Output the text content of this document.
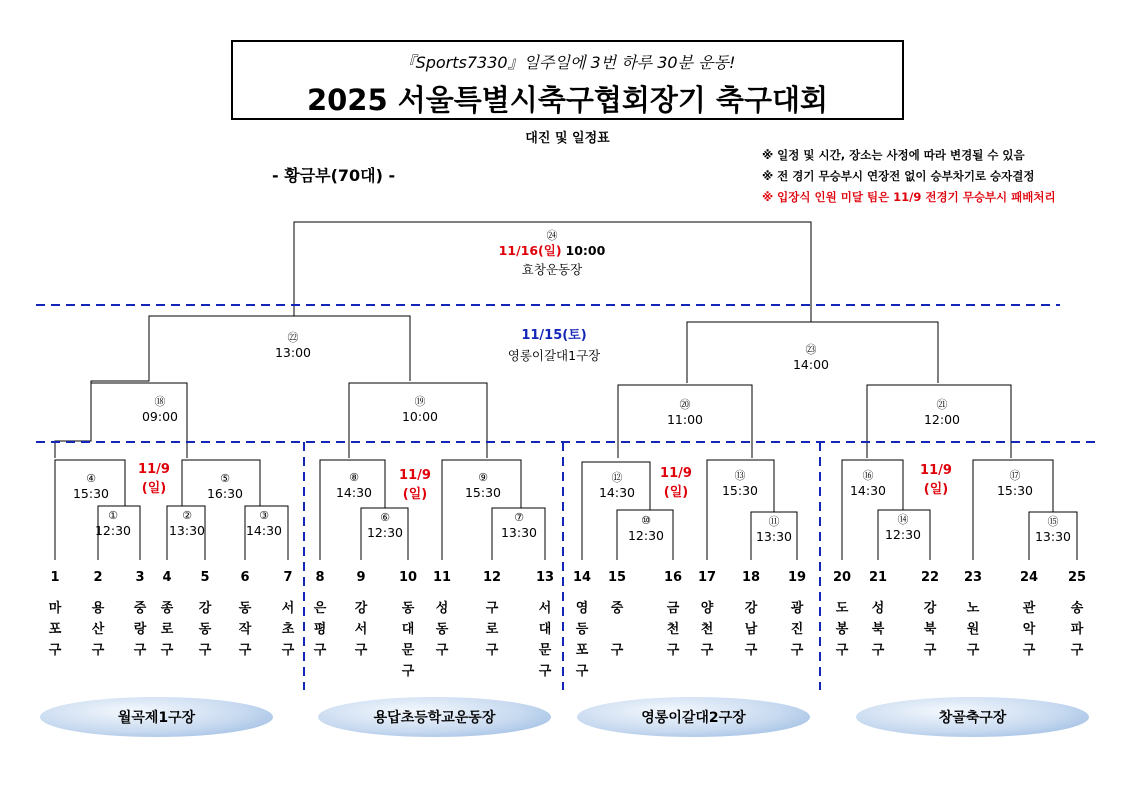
『Sports7330』일주일에 3번 하루 30분 운동!
2025 서울특별시축구협회장기 축구대회
대진 및 일정표
- 황금부(70대) -
※ 일정 및 시간, 장소는 사정에 따라 변경될 수 있음
※ 전 경기 무승부시 연장전 없이 승부차기로 승자결정
※ 입장식 인원 미달 팀은 11/9 전경기 무승부시 패배처리
㉔
11/16(일) 10:00
효창운동장
11/15(토)
영롱이갈대1구장
㉒
13:00	㉓
14:00
⑱
09:00
⑲
10:00
⑳
11:00
㉑
12:00
④
15:30
⑤
16:30
①
12:30
②
13:30
③
14:30
11/9
(일)
⑧
14:30
⑨
15:30
⑥
12:30
⑦
13:30
11/9
(일)
⑫
14:30
⑬
15:30
⑩
12:30
⑪
13:30
11/9
(일)
⑯
14:30
⑰
15:30
⑭
12:30
⑮
13:30
11/9
(일)
1
마
포
구
2
용
산
구
3
중
랑
구
4
종
로
구
5
강
동
구
6
동
작
구
7
서
초
구
8
은
평
구
9
강
서
구
10
동
대
문
구
11
성
동
구
12
구
로
구
13
서
대
문
구
14
영
등
포
구
15
중

구
16
금
천
구
17
양
천
구
18
강
남
구
19
광
진
구
20
도
봉
구
21
성
북
구
22
강
북
구
23
노
원
구
24
관
악
구
25
송
파
구
월곡제1구장	용답초등학교운동장	영롱이갈대2구장	창골축구장
